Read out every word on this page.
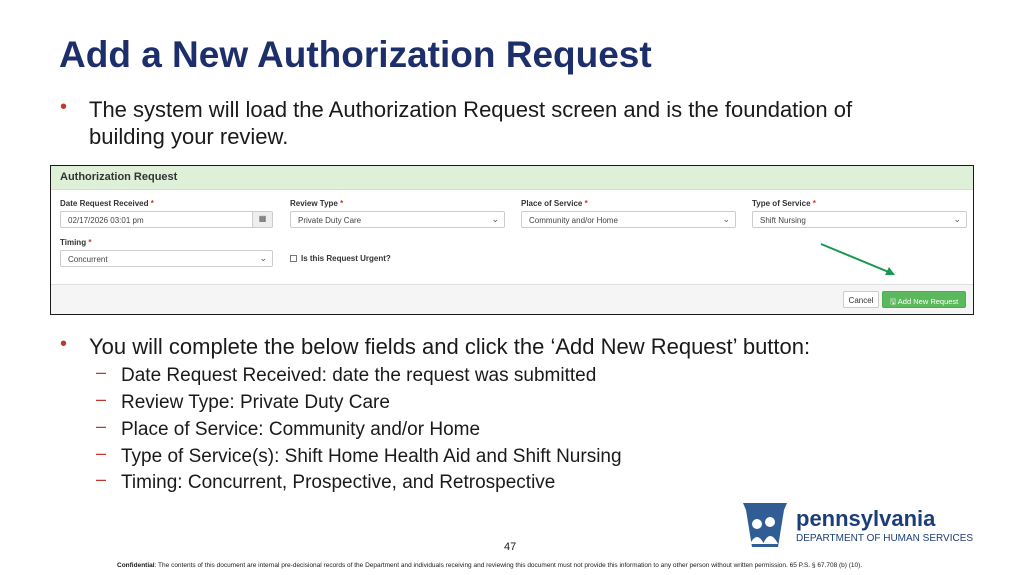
Add a New Authorization Request
• The system will load the Authorization Request screen and is the foundation of
building your review.
Authorization Request
Date Request Received *
02/17/2026 03:01 pm	▦
Review Type *
Private Duty Care	⌄
Place of Service *
Community and/or Home	⌄
Type of Service *
Shift Nursing	⌄
Timing *
Concurrent	⌄	Is this Request Urgent?
Cancel	🖫 Add New Request
• You will complete the below fields and click the ‘Add New Request’ button:
– Date Request Received: date the request was submitted
– Review Type: Private Duty Care
– Place of Service: Community and/or Home
– Type of Service(s): Shift Home Health Aid and Shift Nursing
– Timing: Concurrent, Prospective, and Retrospective
47
pennsylvania
DEPARTMENT OF HUMAN SERVICES
Confidential: The contents of this document are internal pre-decisional records of the Department and individuals receiving and reviewing this document must not provide this information to any other person without written permission. 65 P.S. § 67.708 (b) (10).
